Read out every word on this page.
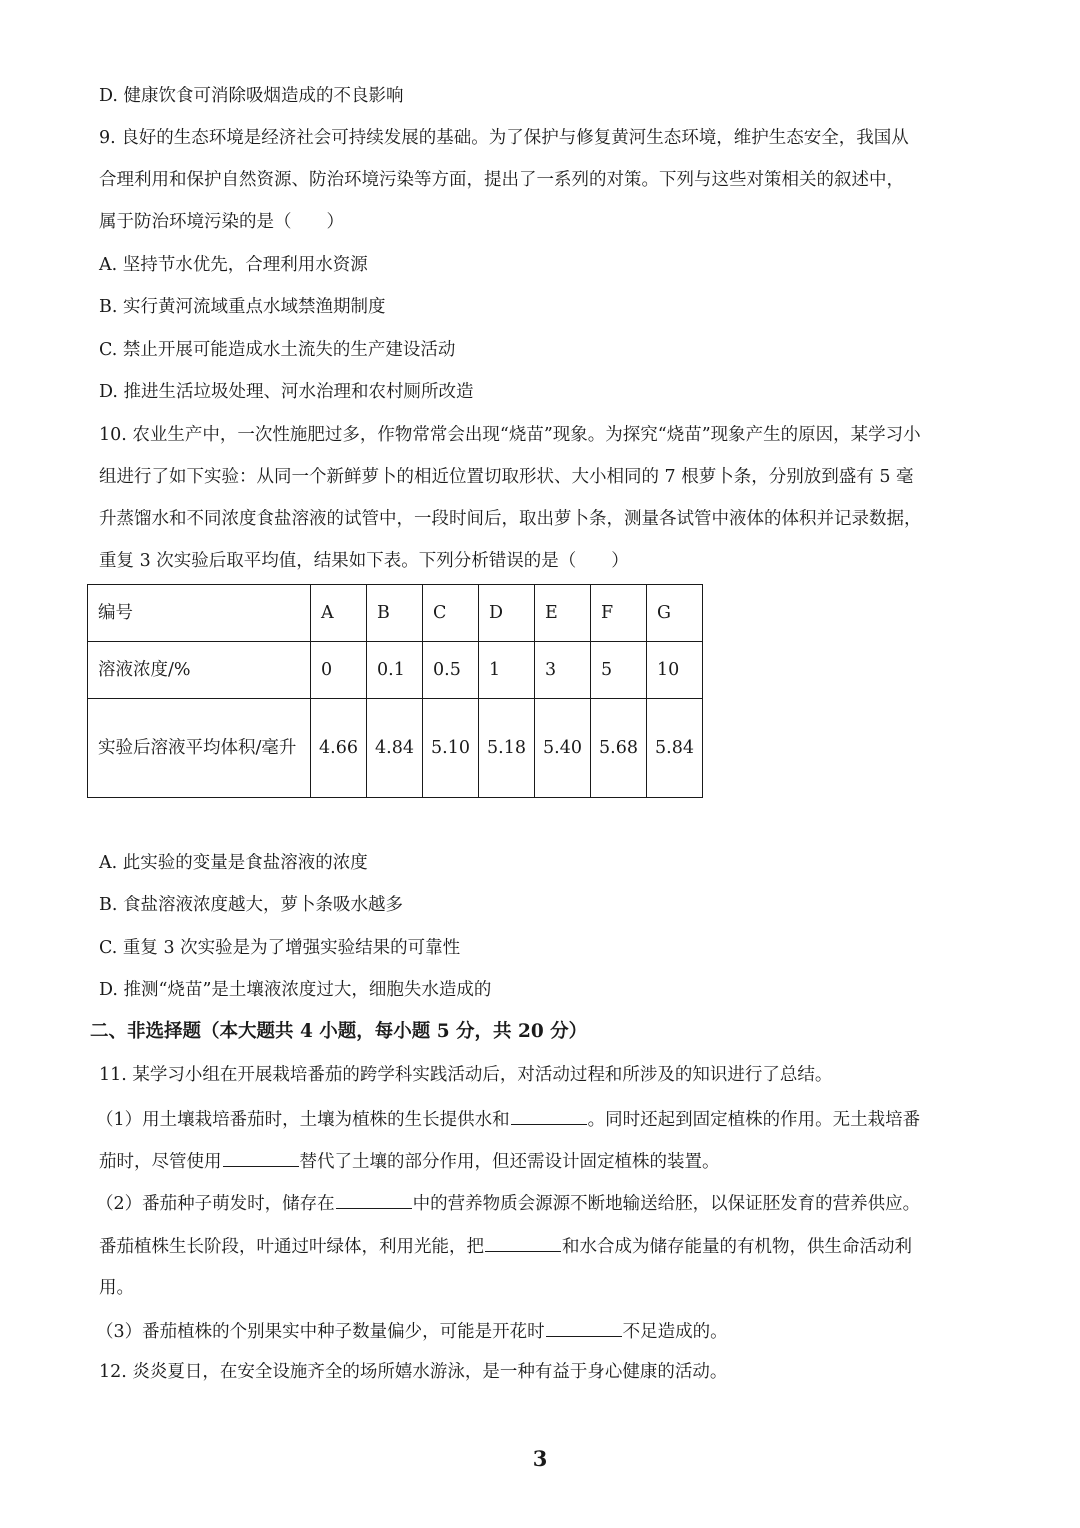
D. 健康饮食可消除吸烟造成的不良影响
9. 良好的生态环境是经济社会可持续发展的基础。为了保护与修复黄河生态环境，维护生态安全，我国从
合理利用和保护自然资源、防治环境污染等方面，提出了一系列的对策。下列与这些对策相关的叙述中，
属于防治环境污染的是（　　）
A. 坚持节水优先，合理利用水资源
B. 实行黄河流域重点水域禁渔期制度
C. 禁止开展可能造成水土流失的生产建设活动
D. 推进生活垃圾处理、河水治理和农村厕所改造
10. 农业生产中，一次性施肥过多，作物常常会出现“烧苗”现象。为探究“烧苗”现象产生的原因，某学习小
组进行了如下实验：从同一个新鲜萝卜的相近位置切取形状、大小相同的 7 根萝卜条，分别放到盛有 5 毫
升蒸馏水和不同浓度食盐溶液的试管中，一段时间后，取出萝卜条，测量各试管中液体的体积并记录数据，
重复 3 次实验后取平均值，结果如下表。下列分析错误的是（　　）
编号	A	B	C	D	E	F	G
溶液浓度/%	0	0.1	0.5	1	3	5	10
实验后溶液平均体积/毫升	4.66	4.84	5.10	5.18	5.40	5.68	5.84
A. 此实验的变量是食盐溶液的浓度
B. 食盐溶液浓度越大，萝卜条吸水越多
C. 重复 3 次实验是为了增强实验结果的可靠性
D. 推测“烧苗”是土壤液浓度过大，细胞失水造成的
二、非选择题（本大题共 4 小题，每小题 5 分，共 20 分）
11. 某学习小组在开展栽培番茄的跨学科实践活动后，对活动过程和所涉及的知识进行了总结。
（1）用土壤栽培番茄时，土壤为植株的生长提供水和	。同时还起到固定植株的作用。无土栽培番
茄时，尽管使用	替代了土壤的部分作用，但还需设计固定植株的装置。
（2）番茄种子萌发时，储存在	中的营养物质会源源不断地输送给胚，以保证胚发育的营养供应。
番茄植株生长阶段，叶通过叶绿体，利用光能，把	和水合成为储存能量的有机物，供生命活动利
用。
（3）番茄植株的个别果实中种子数量偏少，可能是开花时	不足造成的。
12. 炎炎夏日，在安全设施齐全的场所嬉水游泳，是一种有益于身心健康的活动。
3
